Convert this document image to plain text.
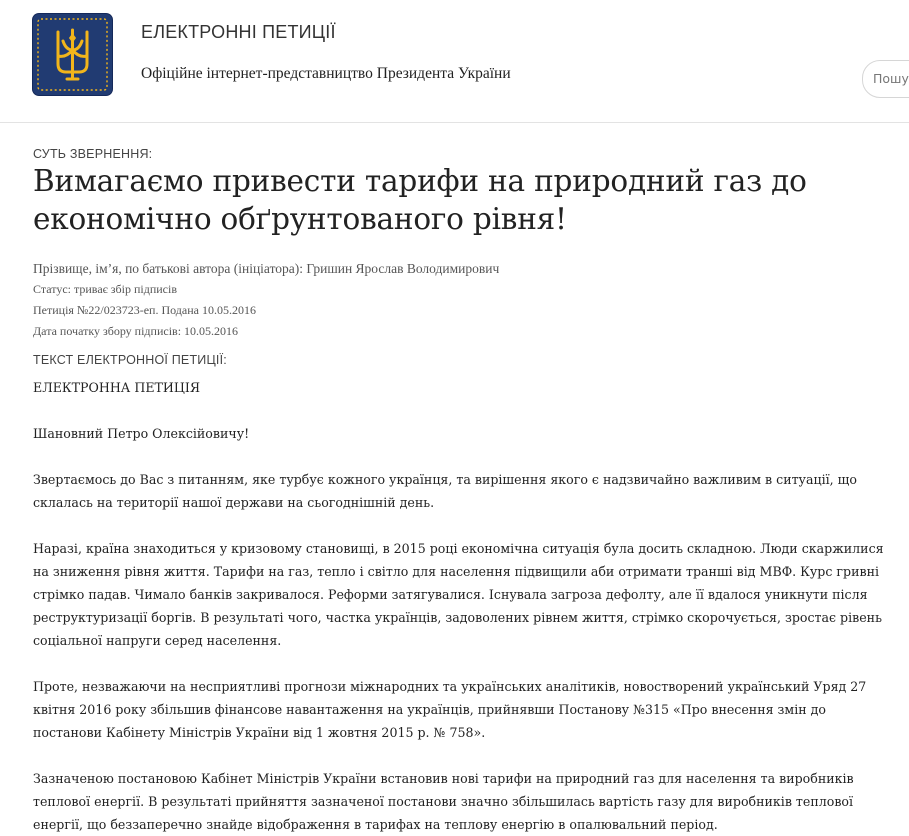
ЕЛЕКТРОННІ ПЕТИЦІЇ
Офіційне інтернет-представництво Президента України
Пошук
СУТЬ ЗВЕРНЕННЯ:
Вимагаємо привести тарифи на природний газ до економічно обґрунтованого рівня!
Прізвище, ім’я, по батькові автора (ініціатора): Гришин Ярослав Володимирович
Статус: триває збір підписів
Петиція №22/023723-еп. Подана 10.05.2016
Дата початку збору підписів: 10.05.2016
ТЕКСТ ЕЛЕКТРОННОЇ ПЕТИЦІЇ:

ЕЛЕКТРОННА ПЕТИЦІЯ

Шановний Петро Олексійовичу!

Звертаємось до Вас з питанням, яке турбує кожного українця, та вирішення якого є надзвичайно важливим в ситуації, що склалась на території нашої держави на сьогоднішній день.

Наразі, країна знаходиться у кризовому становищі, в 2015 році економічна ситуація була досить складною. Люди скаржилися на зниження рівня життя. Тарифи на газ, тепло і світло для населення підвищили аби отримати транші від МВФ. Курс гривні стрімко падав. Чимало банків закривалося. Реформи затягувалися. Існувала загроза дефолту, але її вдалося уникнути після реструктуризації боргів. В результаті чого, частка українців, задоволених рівнем життя, стрімко скорочується, зростає рівень соціальної напруги серед населення.

Проте, незважаючи на несприятливі прогнози міжнародних та українських аналітиків, новостворений український Уряд 27 квітня 2016 року збільшив фінансове навантаження на українців, прийнявши Постанову №315 «Про внесення змін до постанови Кабінету Міністрів України від 1 жовтня 2015 р. № 758».

Зазначеною постановою Кабінет Міністрів України встановив нові тарифи на природний газ для населення та виробників теплової енергії. В результаті прийняття зазначеної постанови значно збільшилась вартість газу для виробників теплової енергії, що беззаперечно знайде відображення в тарифах на теплову енергію в опалювальний період.
